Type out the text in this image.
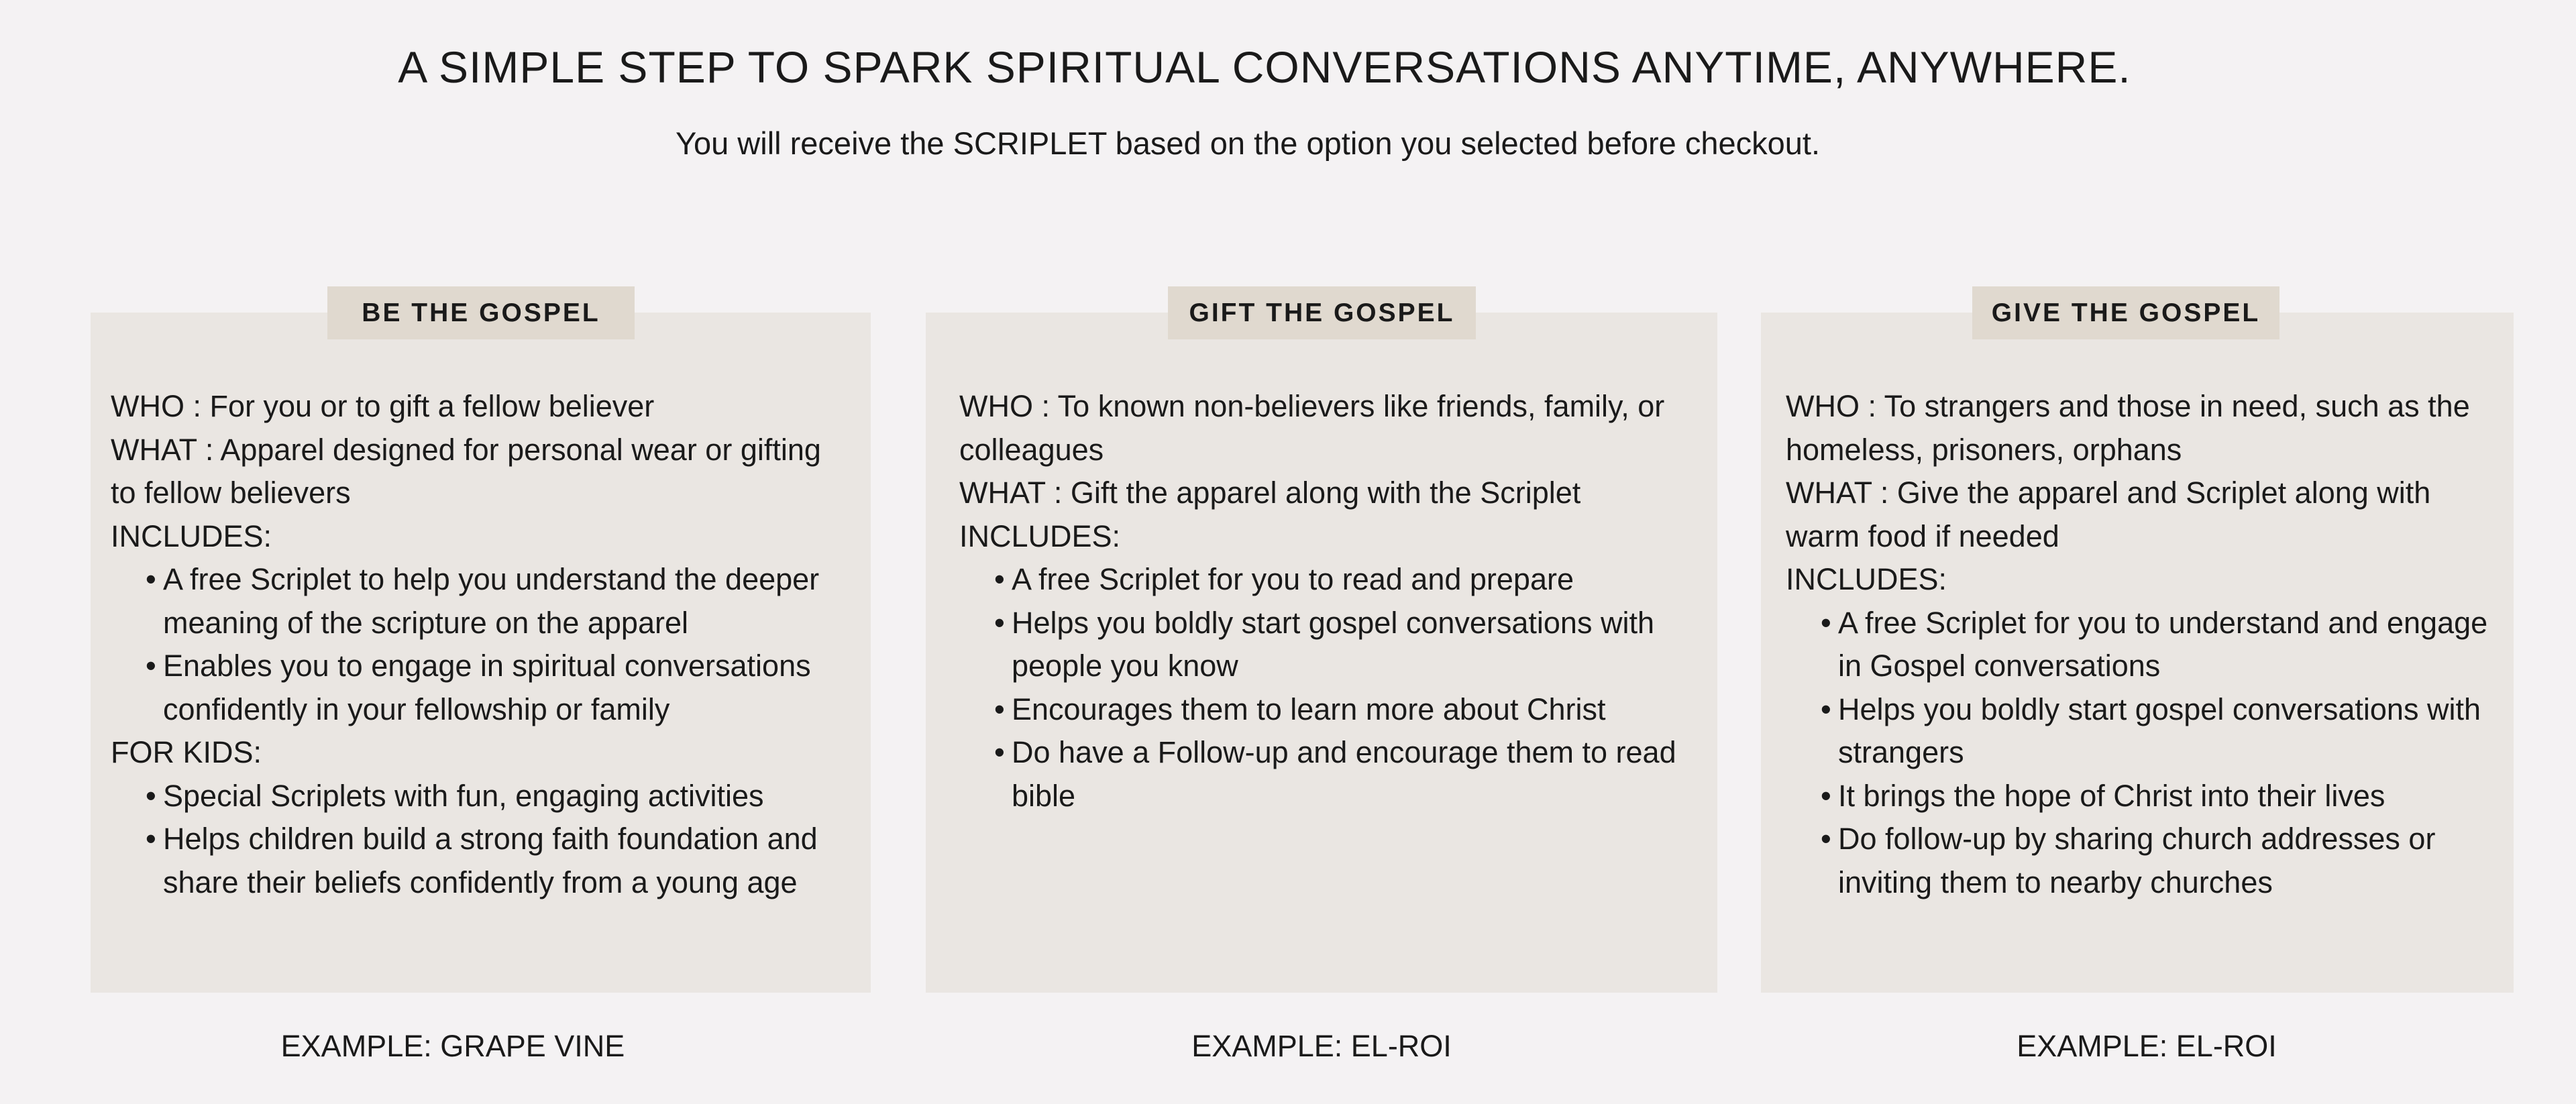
A SIMPLE STEP TO SPARK SPIRITUAL CONVERSATIONS ANYTIME, ANYWHERE.

You will receive the SCRIPLET based on the option you selected before checkout.

WHO : For you or to gift a fellow believer

WHAT : Apparel designed for personal wear or gifting to fellow believers

INCLUDES:

• A free Scriplet to help you understand the deeper meaning of the scripture on the apparel
• Enables you to engage in spiritual conversations confidently in your fellowship or family

FOR KIDS:

• Special Scriplets with fun, engaging activities
• Helps children build a strong faith foundation and share their beliefs confidently from a young age
BE THE GOSPEL

WHO : To known non-believers like friends, family, or colleagues

WHAT : Gift the apparel along with the Scriplet

INCLUDES:

• A free Scriplet for you to read and prepare
• Helps you boldly start gospel conversations with people you know
• Encourages them to learn more about Christ
• Do have a Follow-up and encourage them to read bible
GIFT THE GOSPEL

WHO : To strangers and those in need, such as the homeless, prisoners, orphans

WHAT : Give the apparel and Scriplet along with warm food if needed

INCLUDES:

• A free Scriplet for you to understand and engage in Gospel conversations
• Helps you boldly start gospel conversations with strangers
• It brings the hope of Christ into their lives
• Do follow-up by sharing church addresses or inviting them to nearby churches
GIVE THE GOSPEL
EXAMPLE: GRAPE VINE	EXAMPLE: EL-ROI	EXAMPLE: EL-ROI
